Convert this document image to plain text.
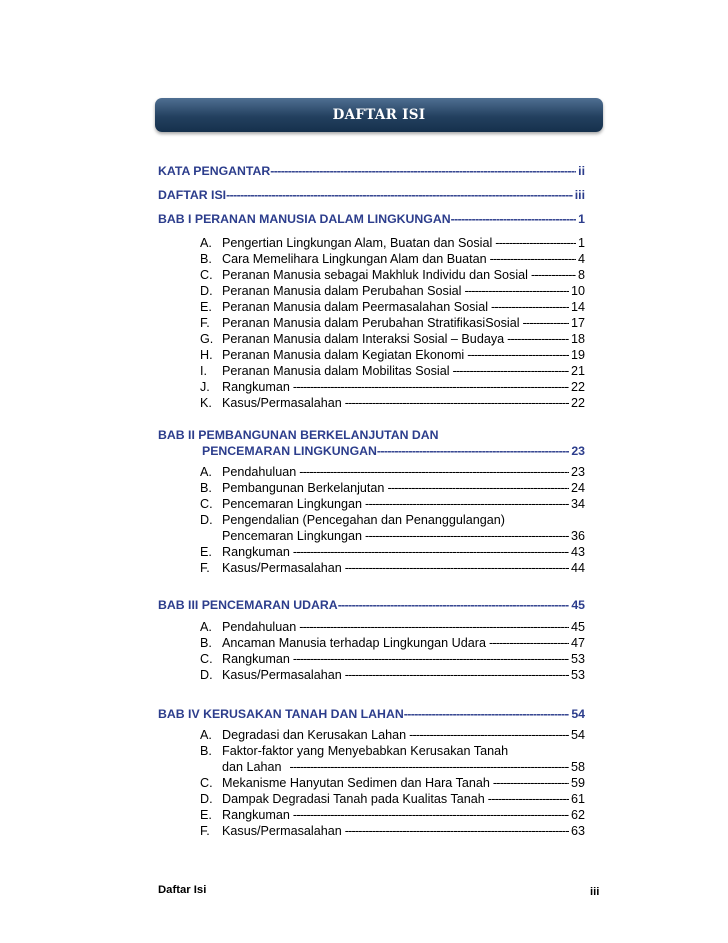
DAFTAR ISI
KATA PENGANTAR -----	ii
DAFTAR ISI -----	iii
BAB I PERANAN MANUSIA DALAM LINGKUNGAN -----	1
A. Pengertian Lingkungan Alam, Buatan dan Sosial -----	1
B. Cara Memelihara Lingkungan Alam dan Buatan -----	4
C. Peranan Manusia sebagai Makhluk Individu dan Sosial -----	8
D. Peranan Manusia dalam Perubahan Sosial -----	10
E. Peranan Manusia dalam Peermasalahan Sosial -----	14
F. Peranan Manusia dalam Perubahan StratifikasiSosial -----	17
G. Peranan Manusia dalam Interaksi Sosial – Budaya -----	18
H. Peranan Manusia dalam Kegiatan Ekonomi -----	19
I.	Peranan Manusia dalam Mobilitas Sosial -----	21
J. Rangkuman -----	22
K. Kasus/Permasalahan -----	22
BAB II PEMBANGUNAN BERKELANJUTAN DAN
PENCEMARAN LINGKUNGAN -----	23
A. Pendahuluan -----	23
B. Pembangunan Berkelanjutan -----	24
C. Pencemaran Lingkungan -----	34
D. Pengendalian (Pencegahan dan Penanggulangan)
Pencemaran Lingkungan -----	36
E. Rangkuman -----	43
F. Kasus/Permasalahan -----	44
BAB III PENCEMARAN UDARA -----	45
A. Pendahuluan -----	45
B. Ancaman Manusia terhadap Lingkungan Udara -----	47
C. Rangkuman -----	53
D. Kasus/Permasalahan -----	53
BAB IV KERUSAKAN TANAH DAN LAHAN -----	54
A. Degradasi dan Kerusakan Lahan -----	54
B. Faktor-faktor yang Menyebabkan Kerusakan Tanah
dan Lahan -----	58
C. Mekanisme Hanyutan Sedimen dan Hara Tanah -----	59
D. Dampak Degradasi Tanah pada Kualitas Tanah -----	61
E. Rangkuman -----	62
F. Kasus/Permasalahan -----	63
Daftar Isi	iii
